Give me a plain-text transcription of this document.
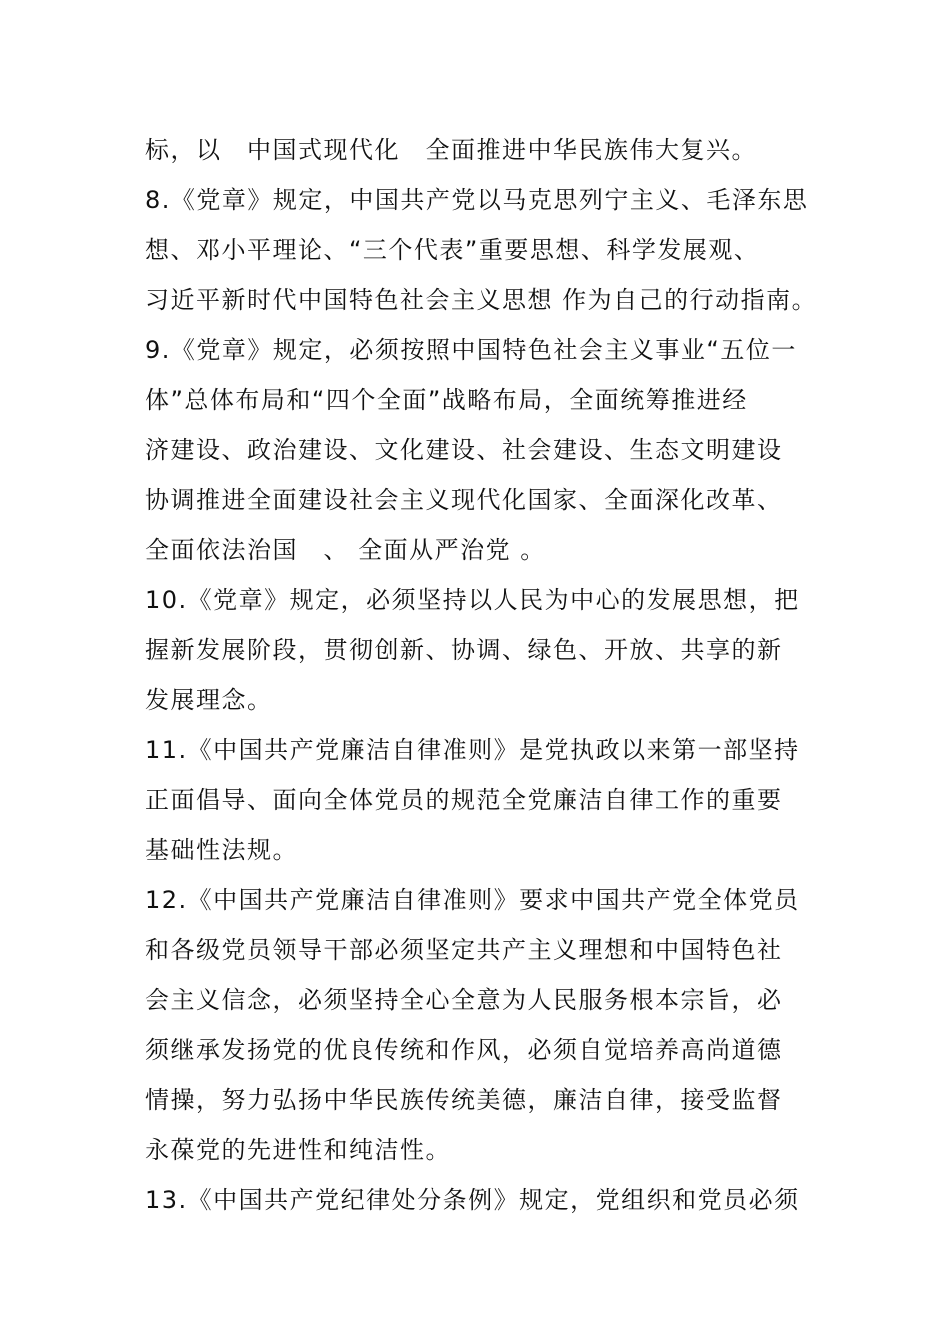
标，以　中国式现代化　全面推进中华民族伟大复兴。
8.《党章》规定，中国共产党以马克思列宁主义、毛泽东思
想、邓小平理论、“三个代表”重要思想、科学发展观、
习近平新时代中国特色社会主义思想 作为自己的行动指南。
9.《党章》规定，必须按照中国特色社会主义事业“五位一
体”总体布局和“四个全面”战略布局，全面统筹推进经
济建设、政治建设、文化建设、社会建设、生态文明建设
协调推进全面建设社会主义现代化国家、全面深化改革、
全面依法治国　、 全面从严治党 。
10.《党章》规定，必须坚持以人民为中心的发展思想，把
握新发展阶段，贯彻创新、协调、绿色、开放、共享的新
发展理念。
11.《中国共产党廉洁自律准则》是党执政以来第一部坚持
正面倡导、面向全体党员的规范全党廉洁自律工作的重要
基础性法规。
12.《中国共产党廉洁自律准则》要求中国共产党全体党员
和各级党员领导干部必须坚定共产主义理想和中国特色社
会主义信念，必须坚持全心全意为人民服务根本宗旨，必
须继承发扬党的优良传统和作风，必须自觉培养高尚道德
情操，努力弘扬中华民族传统美德，廉洁自律，接受监督
永葆党的先进性和纯洁性。
13.《中国共产党纪律处分条例》规定，党组织和党员必须
